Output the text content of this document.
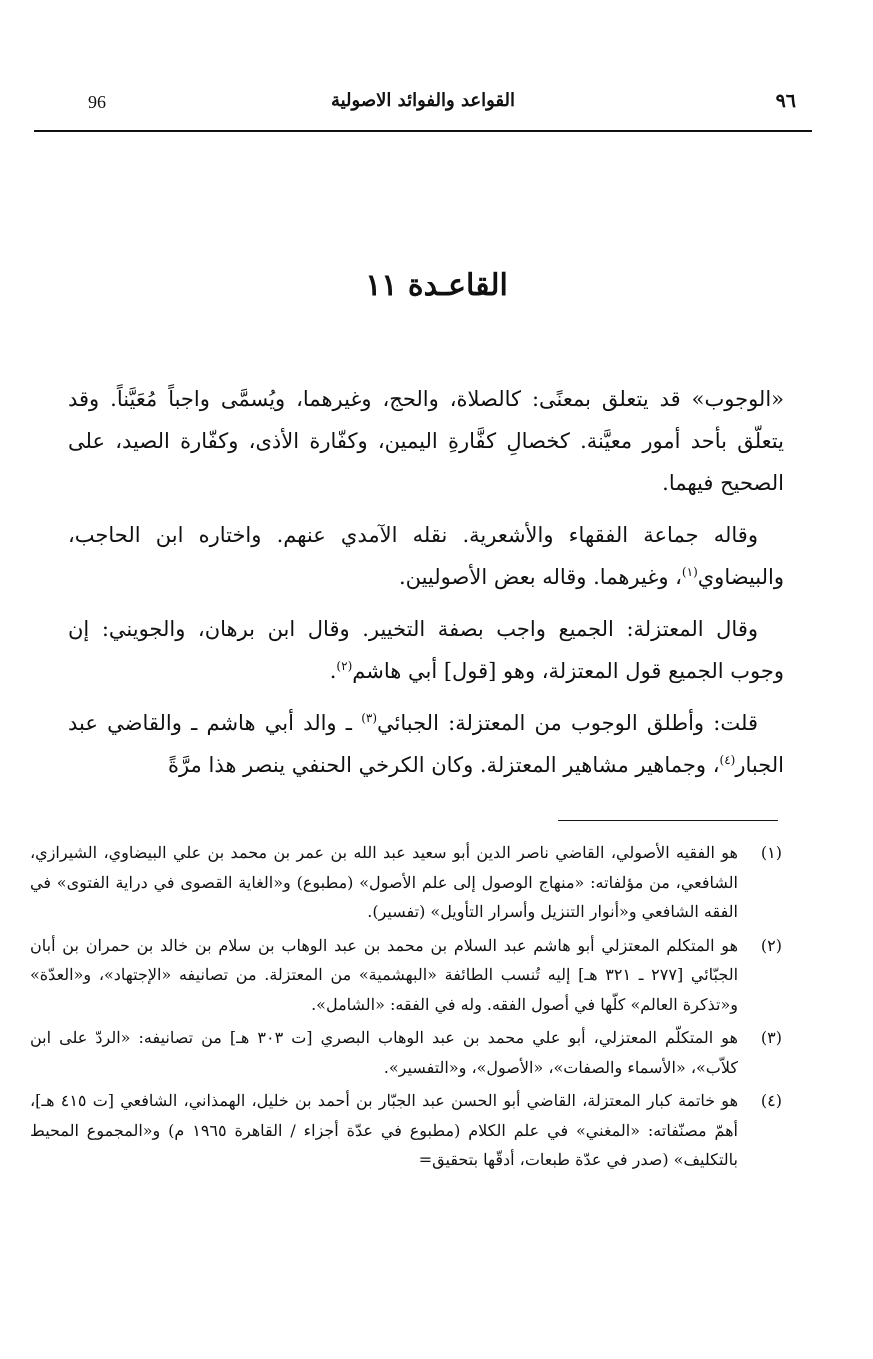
96	القواعد والفوائد الاصولية	٩٦
القاعـدة ١١

«الوجوب» قد يتعلق بمعنًى: كالصلاة، والحج، وغيرهما، ويُسمَّى واجباً مُعَيَّناً. وقد يتعلّق بأحد أمور معيَّنة. كخصالِ كفَّارةِ اليمين، وكفّارة الأذى، وكفّارة الصيد، على الصحيح فيهما.

وقاله جماعة الفقهاء والأشعرية. نقله الآمدي عنهم. واختاره ابن الحاجب، والبيضاوي$^{(١)}$، وغيرهما. وقاله بعض الأصوليين.

وقال المعتزلة: الجميع واجب بصفة التخيير. وقال ابن برهان، والجويني: إن وجوب الجميع قول المعتزلة، وهو [قول] أبي هاشم$^{(٢)}$.

قلت: وأطلق الوجوب من المعتزلة: الجبائي$^{(٣)}$ ـ والد أبي هاشم ـ والقاضي عبد الجبار$^{(٤)}$، وجماهير مشاهير المعتزلة. وكان الكرخي الحنفي ينصر هذا مرَّةً

(١)
هو الفقيه الأصولي، القاضي ناصر الدين أبو سعيد عبد الله بن عمر بن محمد بن علي البيضاوي، الشيرازي، الشافعي، من مؤلفاته: «منهاج الوصول إلى علم الأصول» (مطبوع) و«الغاية القصوى في دراية الفتوى» في الفقه الشافعي و«أنوار التنزيل وأسرار التأويل» (تفسير).
(٢)
هو المتكلم المعتزلي أبو هاشم عبد السلام بن محمد بن عبد الوهاب بن سلام بن خالد بن حمران بن أبان الجبّائي [٢٧٧ ـ ٣٢١ هـ] إليه تُنسب الطائفة «البهشمية» من المعتزلة. من تصانيفه «الإجتهاد»، و«العدّة» و«تذكرة العالم» كلّها في أصول الفقه. وله في الفقه: «الشامل».
(٣)
هو المتكلّم المعتزلي، أبو علي محمد بن عبد الوهاب البصري [ت ٣٠٣ هـ] من تصانيفه: «الردّ على ابن كلاّب»، «الأسماء والصفات»، «الأصول»، و«التفسير».
(٤)
هو خاتمة كبار المعتزلة، القاضي أبو الحسن عبد الجبّار بن أحمد بن خليل، الهمذاني، الشافعي [ت ٤١٥ هـ]، أهمّ مصنّفاته: «المغني» في علم الكلام (مطبوع في عدّة أجزاء / القاهرة ١٩٦٥ م) و«المجموع المحيط بالتكليف» (صدر في عدّة طبعات، أدقّها بتحقيق=
